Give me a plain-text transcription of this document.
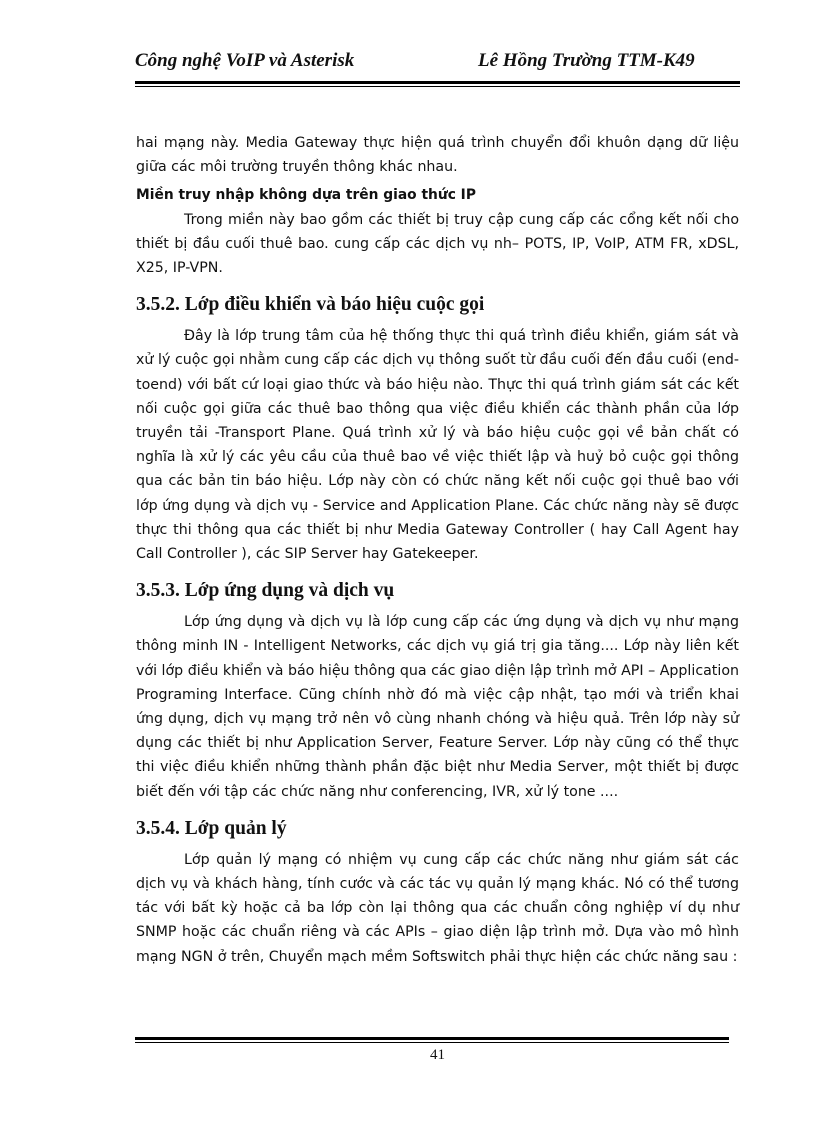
Công nghệ VoIP và Asterisk	Lê Hồng Trường TTM-K49

hai mạng này. Media Gateway thực hiện quá trình chuyển đổi khuôn dạng dữ liệu giữa các môi trường truyền thông khác nhau.

Miền truy nhập không dựa trên giao thức IP

Trong miền này bao gồm các thiết bị truy cập cung cấp các cổng kết nối cho thiết bị đầu cuối thuê bao. cung cấp các dịch vụ nh– POTS, IP, VoIP, ATM FR, xDSL, X25, IP-VPN.

3.5.2. Lớp điều khiển và báo hiệu cuộc gọi

Đây là lớp trung tâm của hệ thống thực thi quá trình điều khiển, giám sát và xử lý cuộc gọi nhằm cung cấp các dịch vụ thông suốt từ đầu cuối đến đầu cuối (end-toend) với bất cứ loại giao thức và báo hiệu nào. Thực thi quá trình giám sát các kết nối cuộc gọi giữa các thuê bao thông qua việc điều khiển các thành phần của lớp truyền tải -Transport Plane. Quá trình xử lý và báo hiệu cuộc gọi về bản chất có nghĩa là xử lý các yêu cầu của thuê bao về việc thiết lập và huỷ bỏ cuộc gọi thông qua các bản tin báo hiệu. Lớp này còn có chức năng kết nối cuộc gọi thuê bao với lớp ứng dụng và dịch vụ - Service and Application Plane. Các chức năng này sẽ được thực thi thông qua các thiết bị như Media Gateway Controller ( hay Call Agent hay Call Controller ), các SIP Server hay Gatekeeper.

3.5.3. Lớp ứng dụng và dịch vụ

Lớp ứng dụng và dịch vụ là lớp cung cấp các ứng dụng và dịch vụ như mạng thông minh IN - Intelligent Networks, các dịch vụ giá trị gia tăng.... Lớp này liên kết với lớp điều khiển và báo hiệu thông qua các giao diện lập trình mở API – Application Programing Interface. Cũng chính nhờ đó mà việc cập nhật, tạo mới và triển khai ứng dụng, dịch vụ mạng trở nên vô cùng nhanh chóng và hiệu quả. Trên lớp này sử dụng các thiết bị như Application Server, Feature Server. Lớp này cũng có thể thực thi việc điều khiển những thành phần đặc biệt như Media Server, một thiết bị được biết đến với tập các chức năng như conferencing, IVR, xử lý tone ....

3.5.4. Lớp quản lý

Lớp quản lý mạng có nhiệm vụ cung cấp các chức năng như giám sát các dịch vụ và khách hàng, tính cước và các tác vụ quản lý mạng khác. Nó có thể tương tác với bất kỳ hoặc cả ba lớp còn lại thông qua các chuẩn công nghiệp ví dụ như SNMP hoặc các chuẩn riêng và các APIs – giao diện lập trình mở. Dựa vào mô hình mạng NGN ở trên, Chuyển mạch mềm Softswitch phải thực hiện các chức năng sau :

41
